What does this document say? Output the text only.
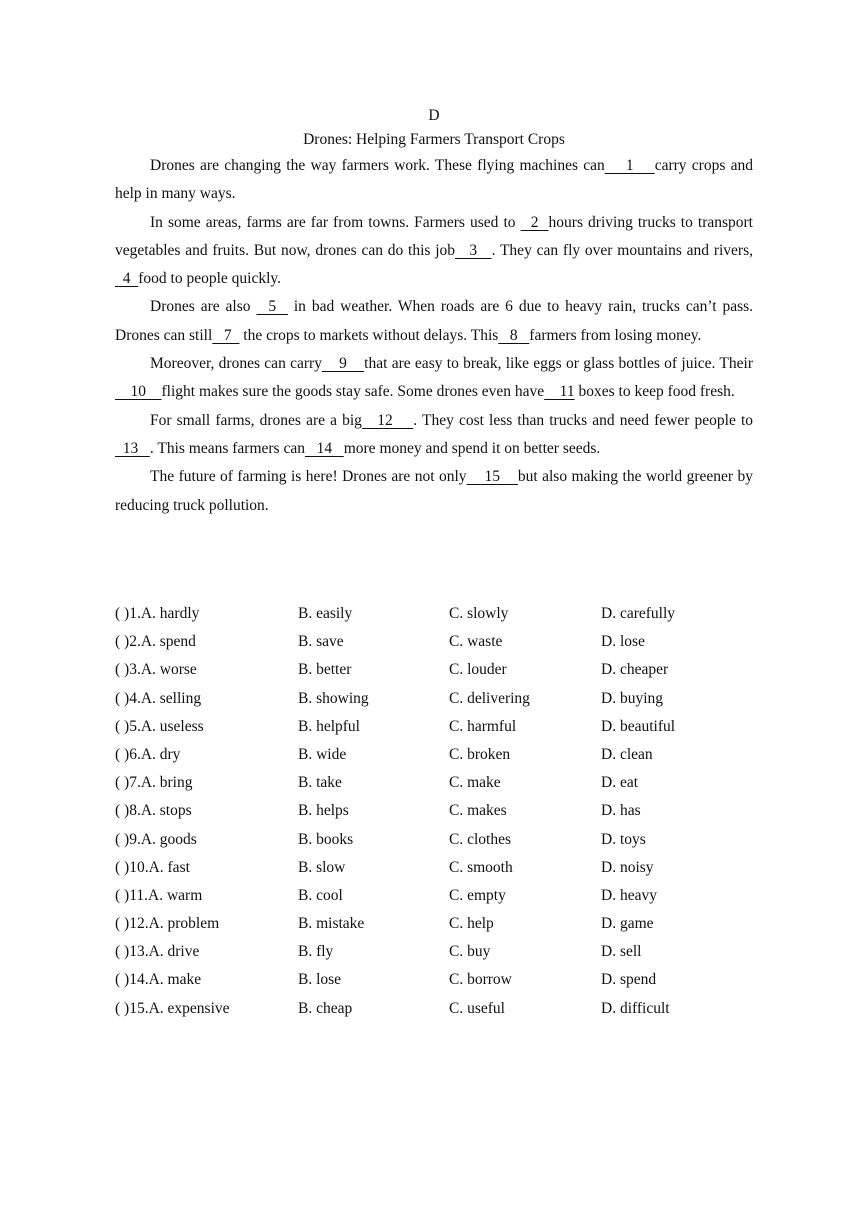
D
Drones: Helping Farmers Transport Crops

Drones are changing the way farmers work. These flying machines can    1    carry crops and help in many ways.

In some areas, farms are far from towns. Farmers used to   2  hours driving trucks to transport vegetables and fruits. But now, drones can do this job   3   . They can fly over mountains and rivers,   4  food to people quickly.

Drones are also   5   in bad weather. When roads are 6 due to heavy rain, trucks can’t pass. Drones can still   7   the crops to markets without delays. This   8   farmers from losing money.

Moreover, drones can carry    9    that are easy to break, like eggs or glass bottles of juice. Their    10    flight makes sure the goods stay safe. Some drones even have    11 boxes to keep food fresh.

For small farms, drones are a big   12    . They cost less than trucks and need fewer people to   13   . This means farmers can   14   more money and spend it on better seeds.

The future of farming is here! Drones are not only    15    but also making the world greener by reducing truck pollution.

( )1.A. hardly	B. easily	C. slowly	D. carefully
( )2.A. spend	B. save	C. waste	D. lose
( )3.A. worse	B. better	C. louder	D. cheaper
( )4.A. selling	B. showing	C. delivering	D. buying
( )5.A. useless	B. helpful	C. harmful	D. beautiful
( )6.A. dry	B. wide	C. broken	D. clean
( )7.A. bring	B. take	C. make	D. eat
( )8.A. stops	B. helps	C. makes	D. has
( )9.A. goods	B. books	C. clothes	D. toys
( )10.A. fast	B. slow	C. smooth	D. noisy
( )11.A. warm	B. cool	C. empty	D. heavy
( )12.A. problem	B. mistake	C. help	D. game
( )13.A. drive	B. fly	C. buy	D. sell
( )14.A. make	B. lose	C. borrow	D. spend
( )15.A. expensive	B. cheap	C. useful	D. difficult
